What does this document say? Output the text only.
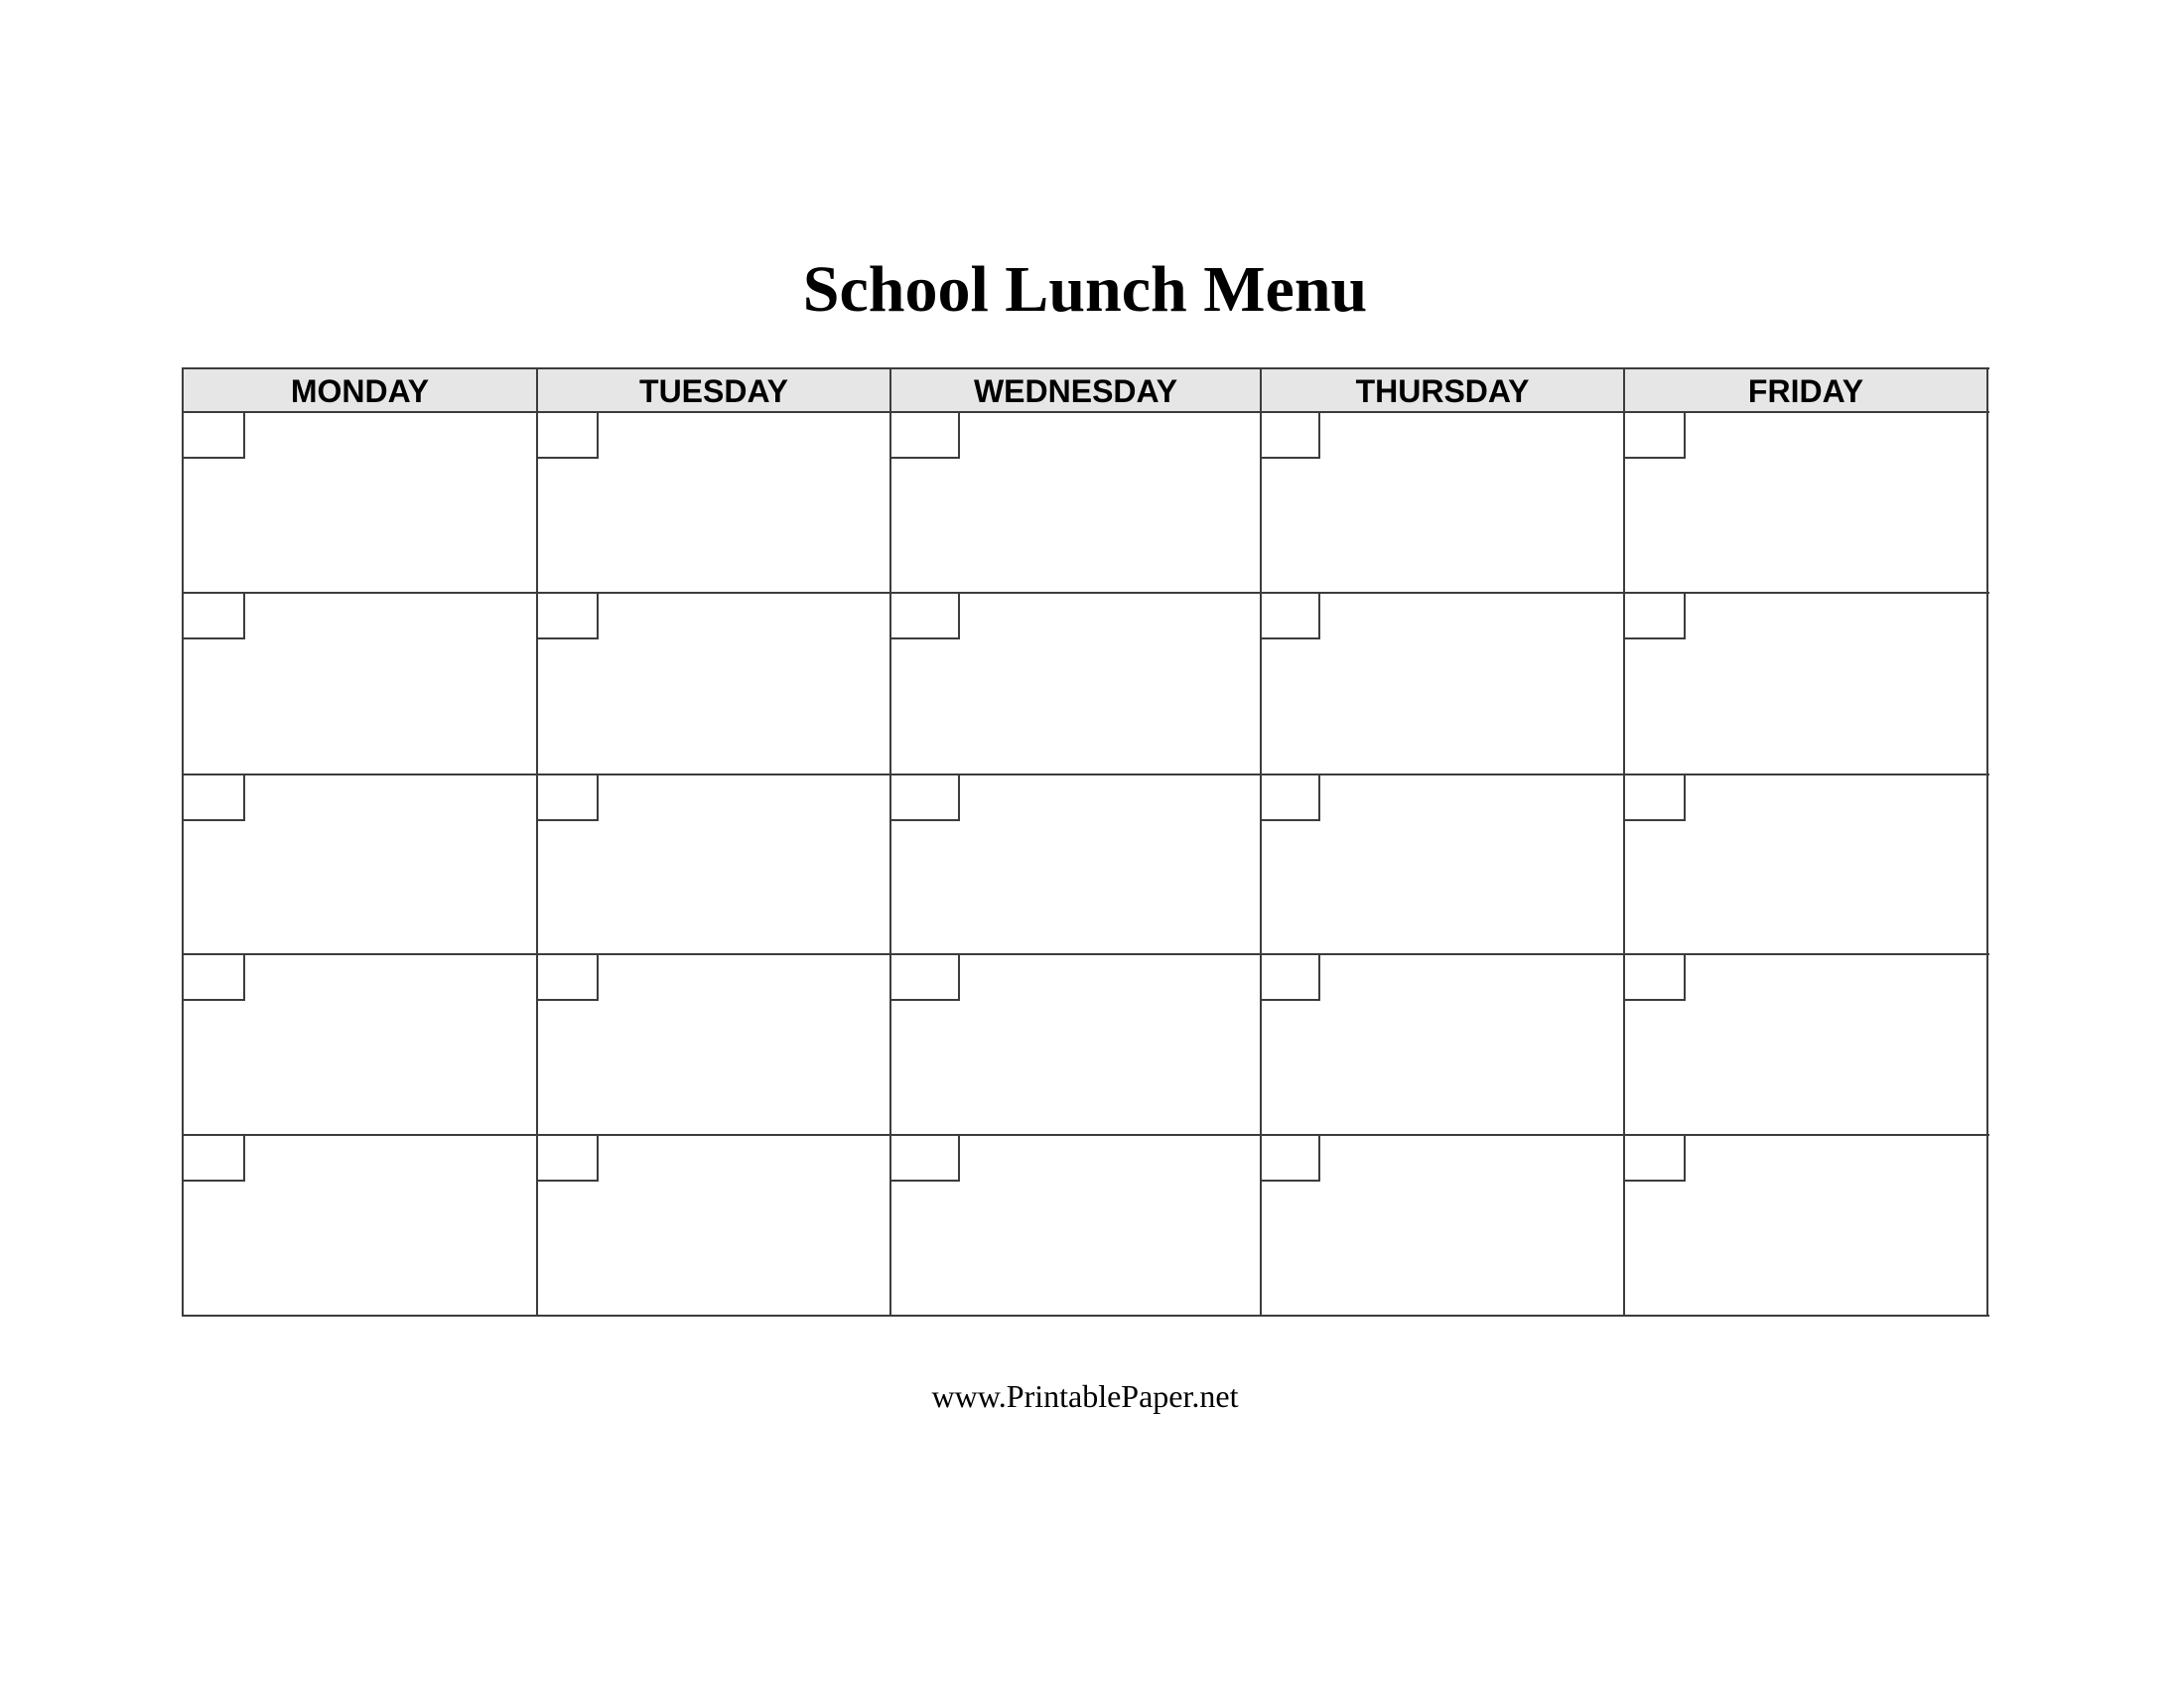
School Lunch Menu
MONDAY	TUESDAY	WEDNESDAY	THURSDAY	FRIDAY
www.PrintablePaper.net
